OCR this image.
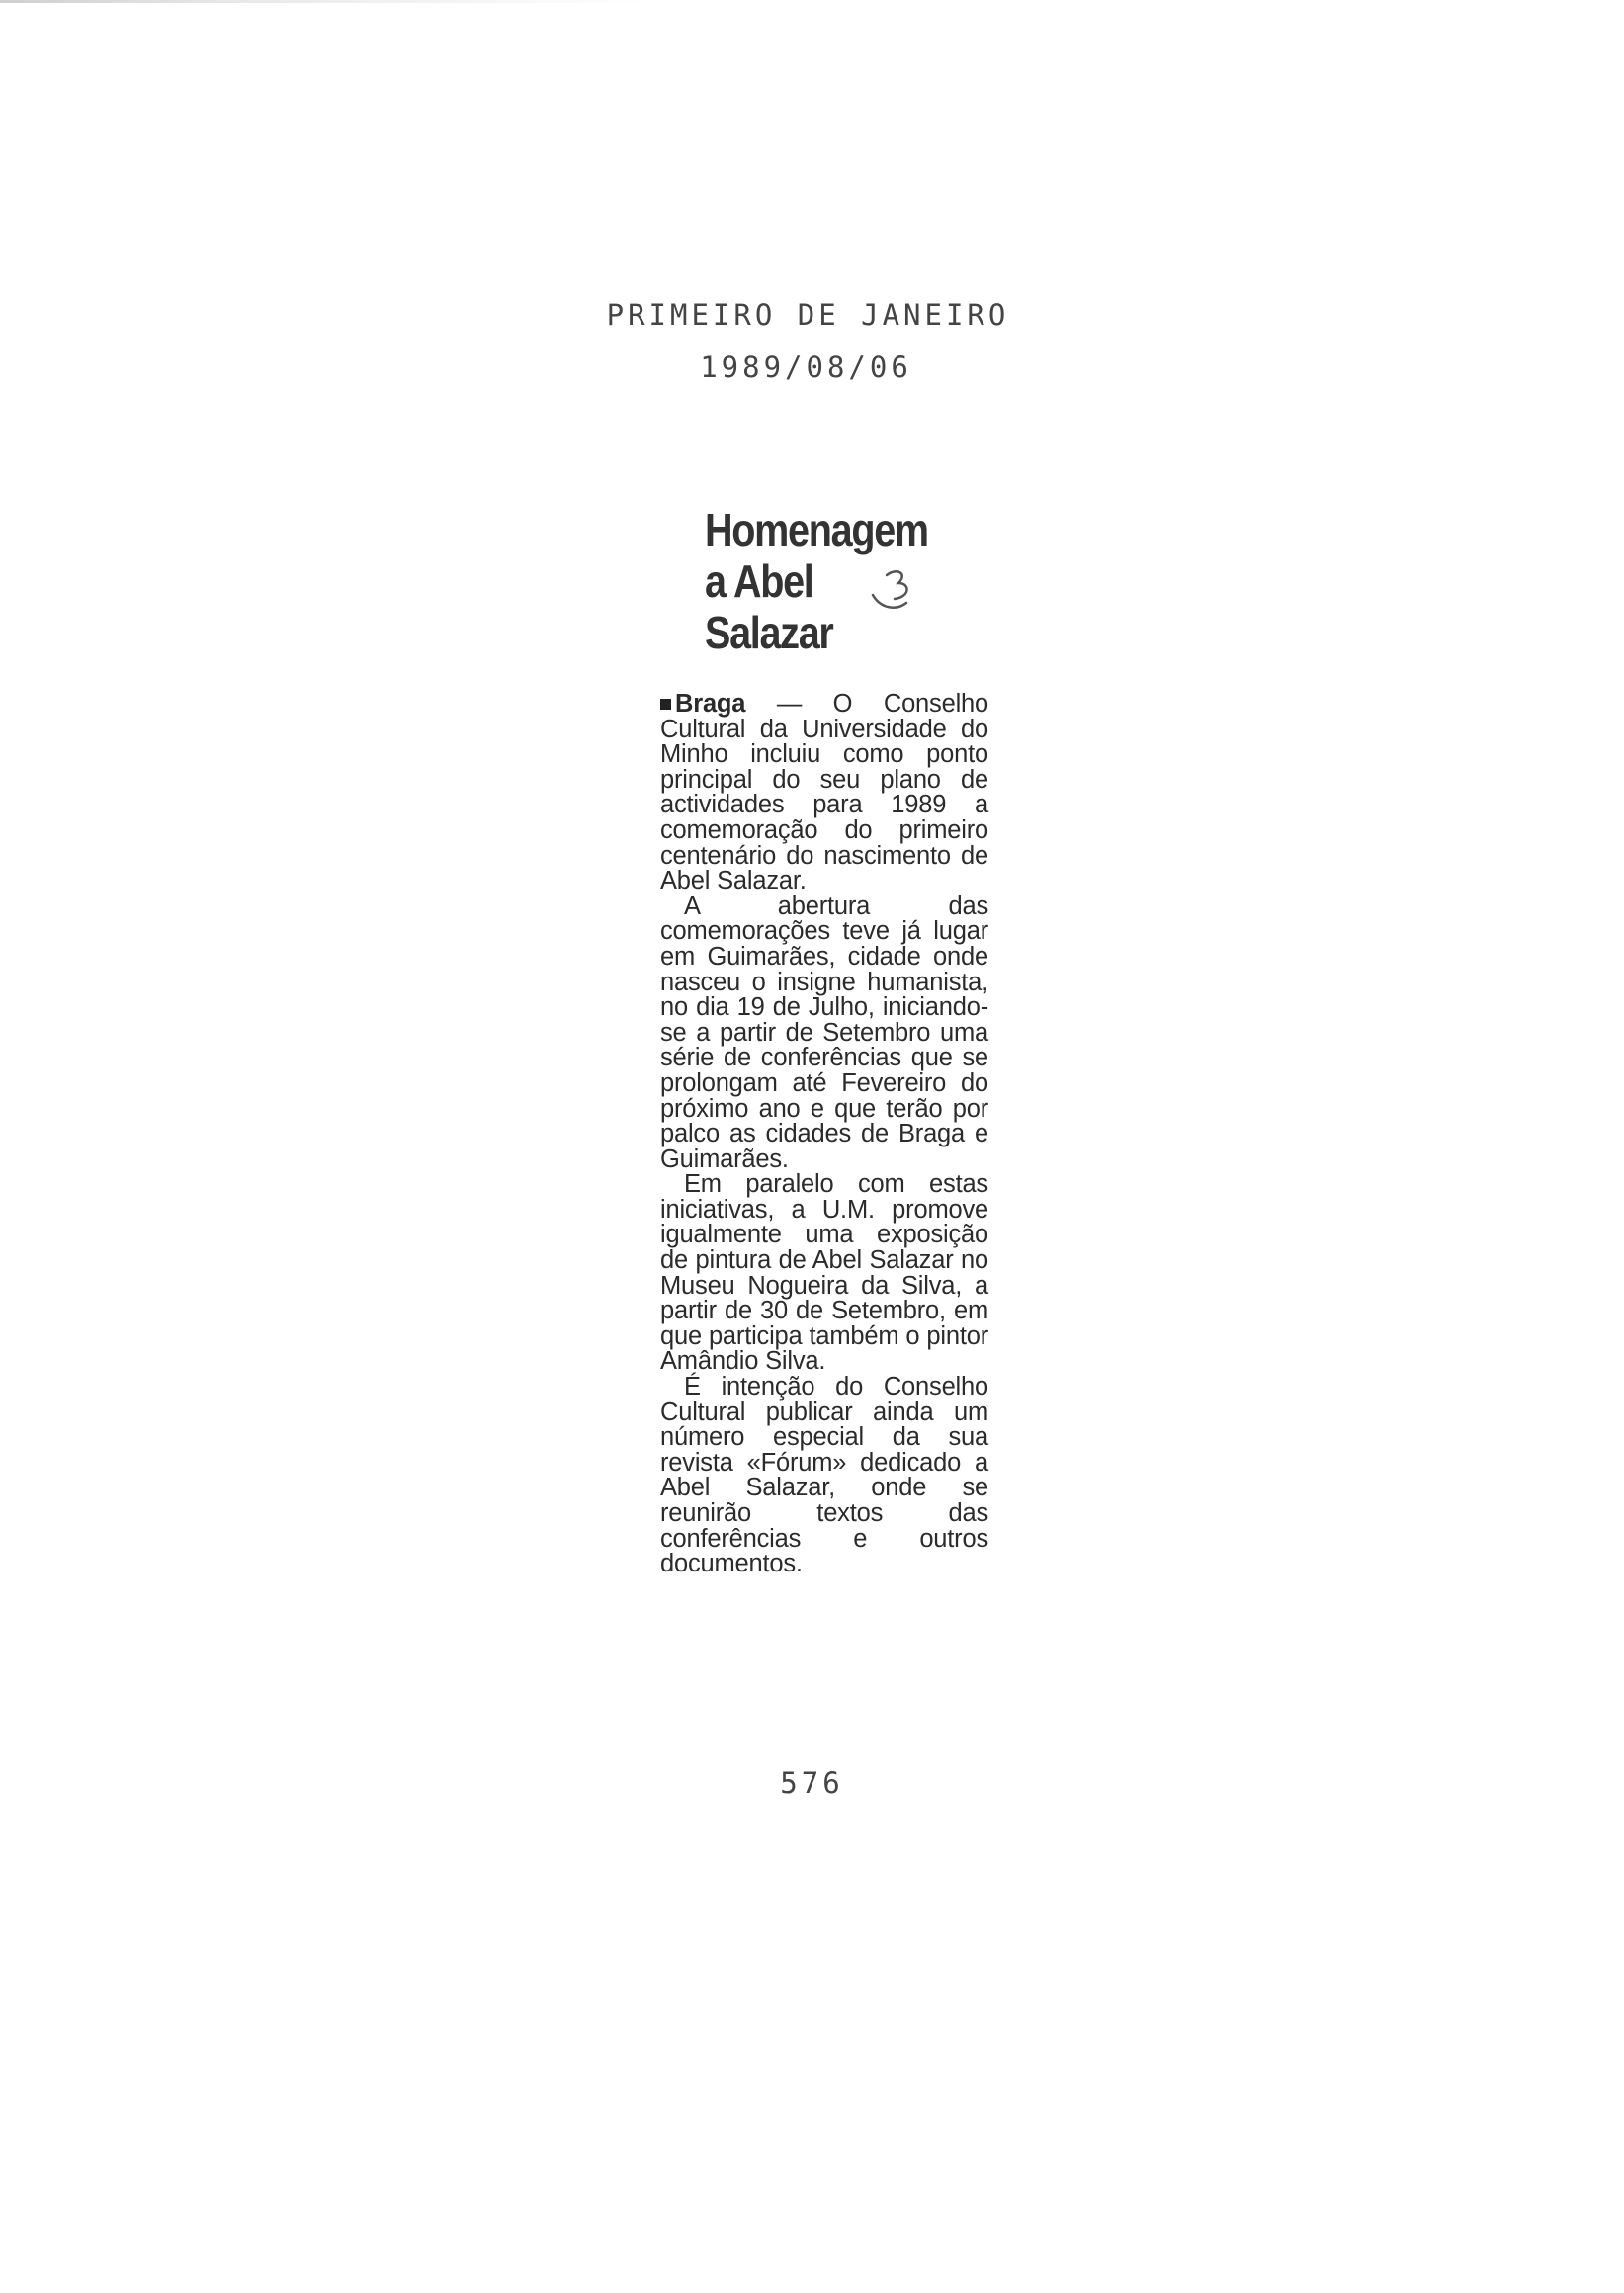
PRIMEIRO DE JANEIRO
1989/08/06
Homenagem
a Abel
Salazar

Braga — O Conselho Cultural da Universidade do Minho incluiu como ponto principal do seu plano de actividades para 1989 a comemoração do primeiro centenário do nascimento de Abel Salazar.

A abertura das comemorações teve já lugar em Guimarães, cidade onde nasceu o insigne humanista, no dia 19 de Julho, iniciando-se a partir de Setembro uma série de conferências que se prolongam até Fevereiro do próximo ano e que terão por palco as cidades de Braga e Guimarães.

Em paralelo com estas iniciativas, a U.M. promove igualmente uma exposição de pintura de Abel Salazar no Museu Nogueira da Silva, a partir de 30 de Setembro, em que participa também o pintor Amândio Silva.

É intenção do Conselho Cultural publicar ainda um número especial da sua revista «Fórum» dedicado a Abel Salazar, onde se reunirão textos das conferências e outros documentos.

576
